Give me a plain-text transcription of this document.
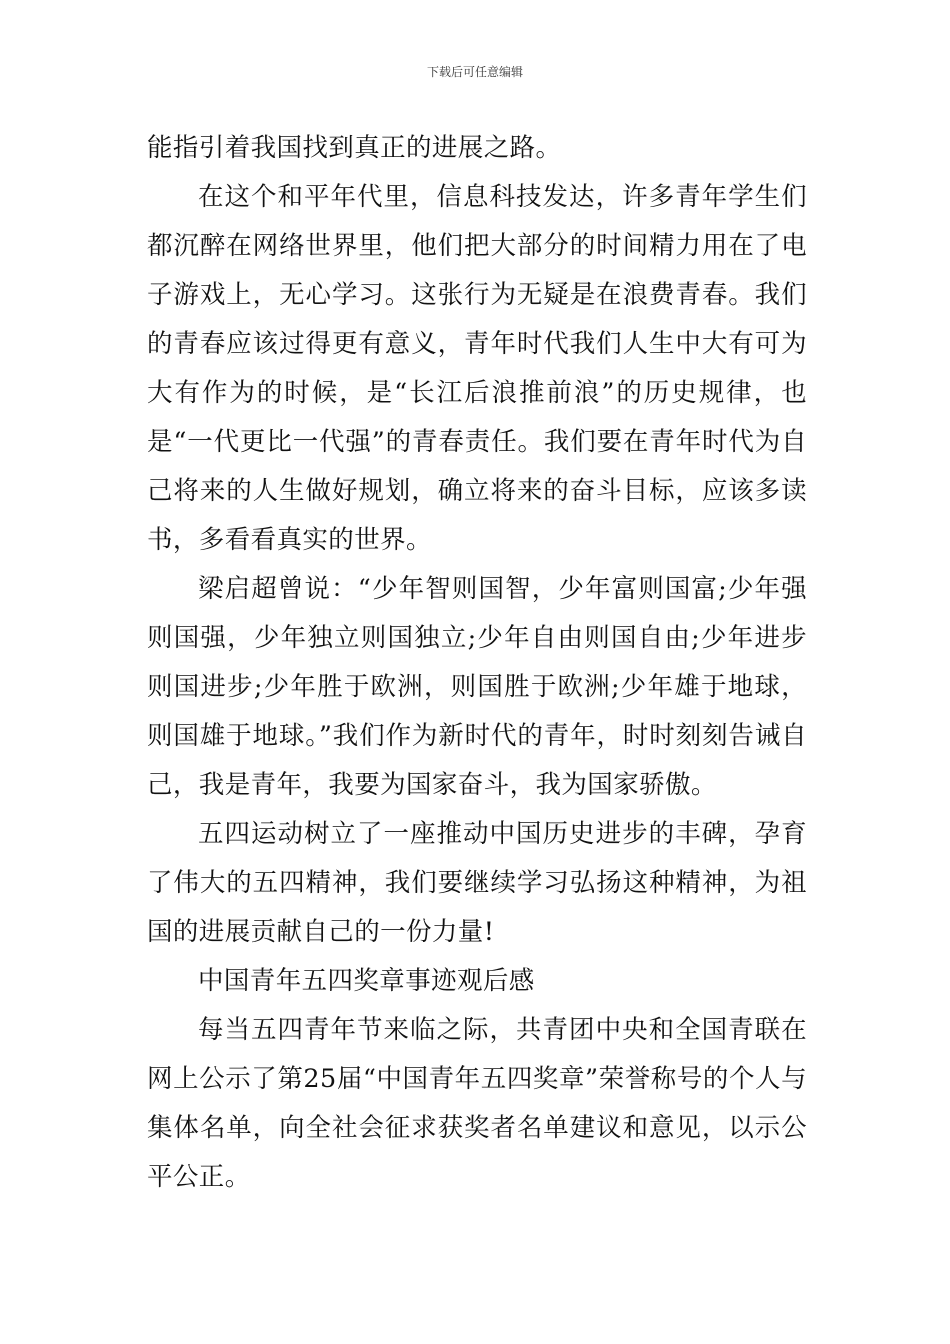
下载后可任意编辑

能指引着我国找到真正的进展之路。

在这个和平年代里，信息科技发达，许多青年学生们都沉醉在网络世界里，他们把大部分的时间精力用在了电子游戏上，无心学习。这张行为无疑是在浪费青春。我们的青春应该过得更有意义，青年时代我们人生中大有可为大有作为的时候，是“长江后浪推前浪”的历史规律，也是“一代更比一代强”的青春责任。我们要在青年时代为自己将来的人生做好规划，确立将来的奋斗目标，应该多读书，多看看真实的世界。

梁启超曾说：“少年智则国智，少年富则国富;少年强则国强，少年独立则国独立;少年自由则国自由;少年进步则国进步;少年胜于欧洲，则国胜于欧洲;少年雄于地球，则国雄于地球。”我们作为新时代的青年，时时刻刻告诫自己，我是青年，我要为国家奋斗，我为国家骄傲。

五四运动树立了一座推动中国历史进步的丰碑，孕育了伟大的五四精神，我们要继续学习弘扬这种精神，为祖国的进展贡献自己的一份力量!

中国青年五四奖章事迹观后感

每当五四青年节来临之际，共青团中央和全国青联在网上公示了第25届“中国青年五四奖章”荣誉称号的个人与集体名单，向全社会征求获奖者名单建议和意见，以示公平公正。
